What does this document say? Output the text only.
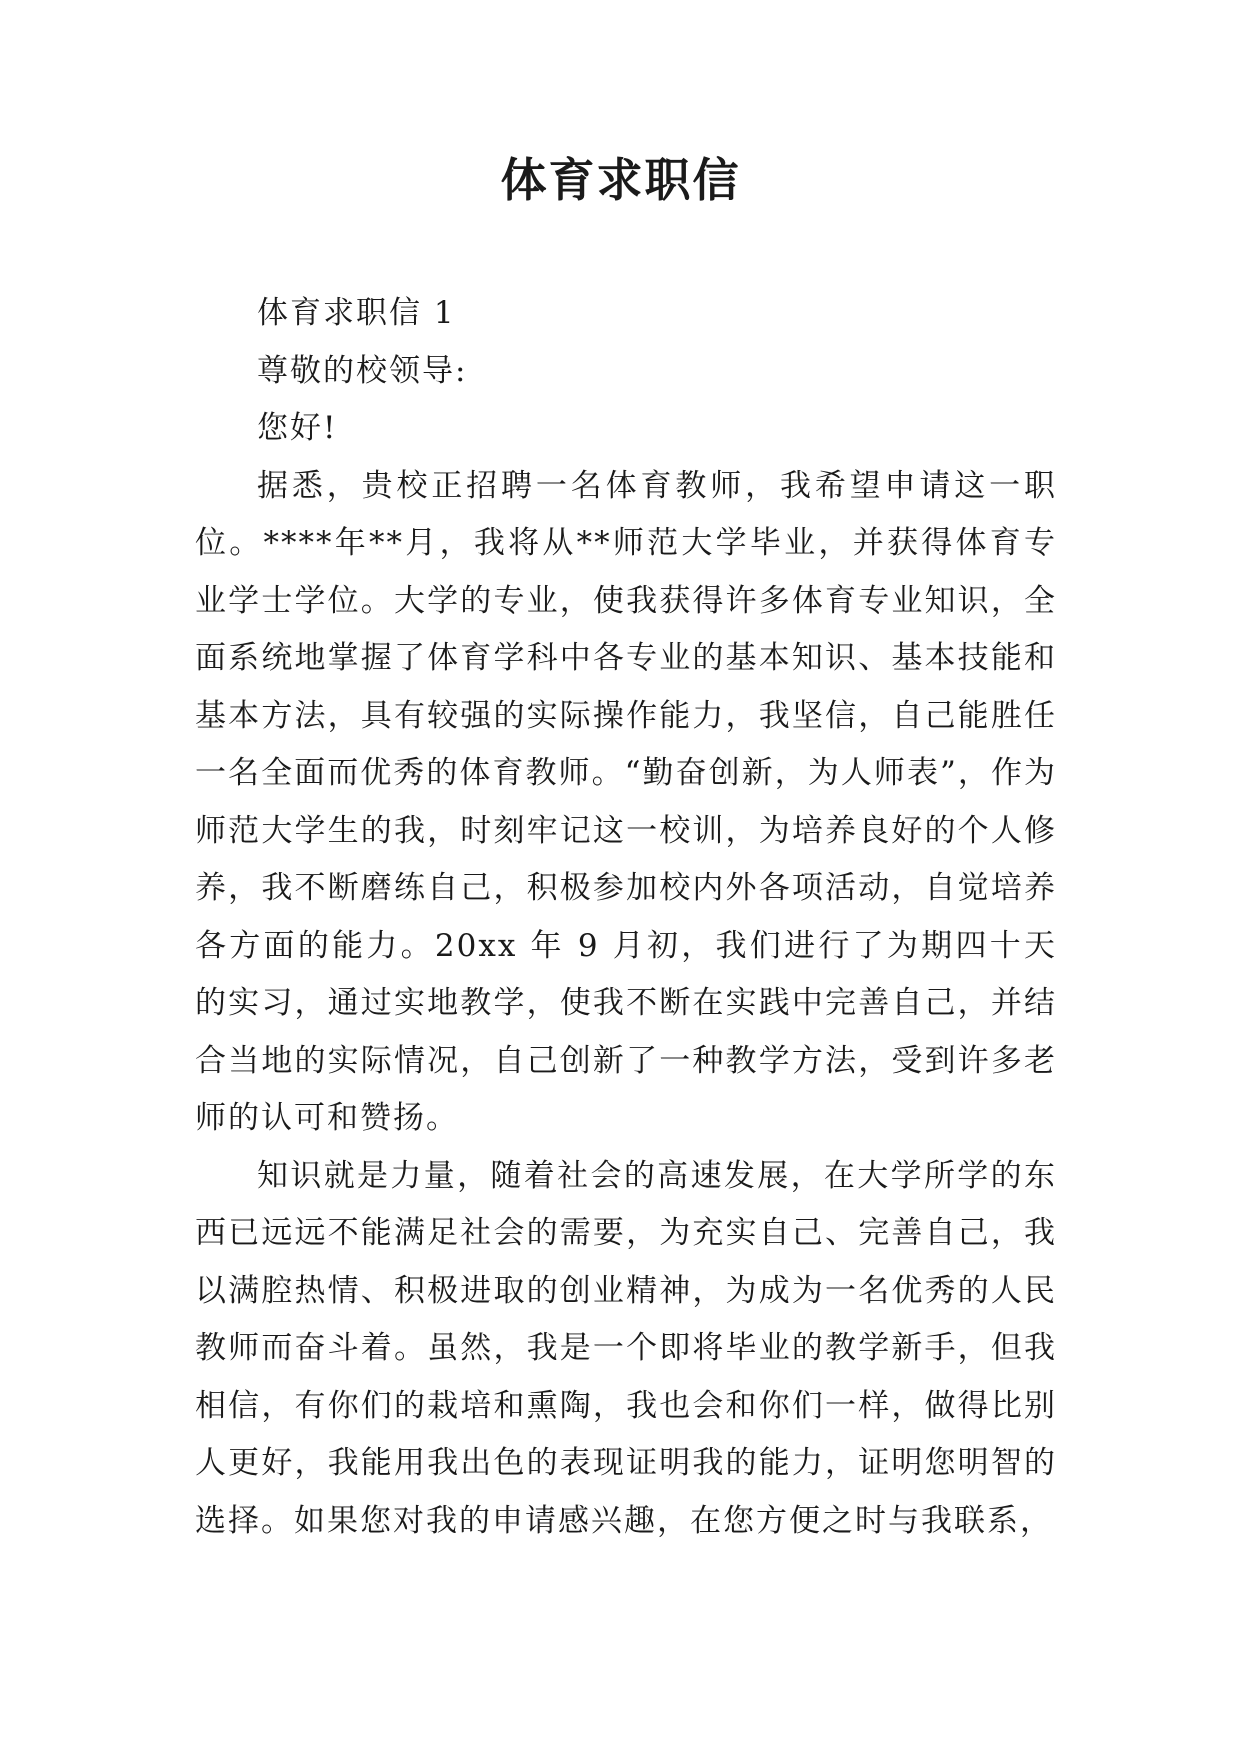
体育求职信

体育求职信 1

尊敬的校领导:

您好!

据悉，贵校正招聘一名体育教师，我希望申请这一职位。****年**月，我将从**师范大学毕业，并获得体育专业学士学位。大学的专业，使我获得许多体育专业知识，全面系统地掌握了体育学科中各专业的基本知识、基本技能和基本方法，具有较强的实际操作能力，我坚信，自己能胜任一名全面而优秀的体育教师。“勤奋创新，为人师表”，作为师范大学生的我，时刻牢记这一校训，为培养良好的个人修养，我不断磨练自己，积极参加校内外各项活动，自觉培养各方面的能力。20xx 年 9 月初，我们进行了为期四十天的实习，通过实地教学，使我不断在实践中完善自己，并结合当地的实际情况，自己创新了一种教学方法，受到许多老师的认可和赞扬。

知识就是力量，随着社会的高速发展，在大学所学的东西已远远不能满足社会的需要，为充实自己、完善自己，我以满腔热情、积极进取的创业精神，为成为一名优秀的人民教师而奋斗着。虽然，我是一个即将毕业的教学新手，但我相信，有你们的栽培和熏陶，我也会和你们一样，做得比别人更好，我能用我出色的表现证明我的能力，证明您明智的选择。如果您对我的申请感兴趣，在您方便之时与我联系，
